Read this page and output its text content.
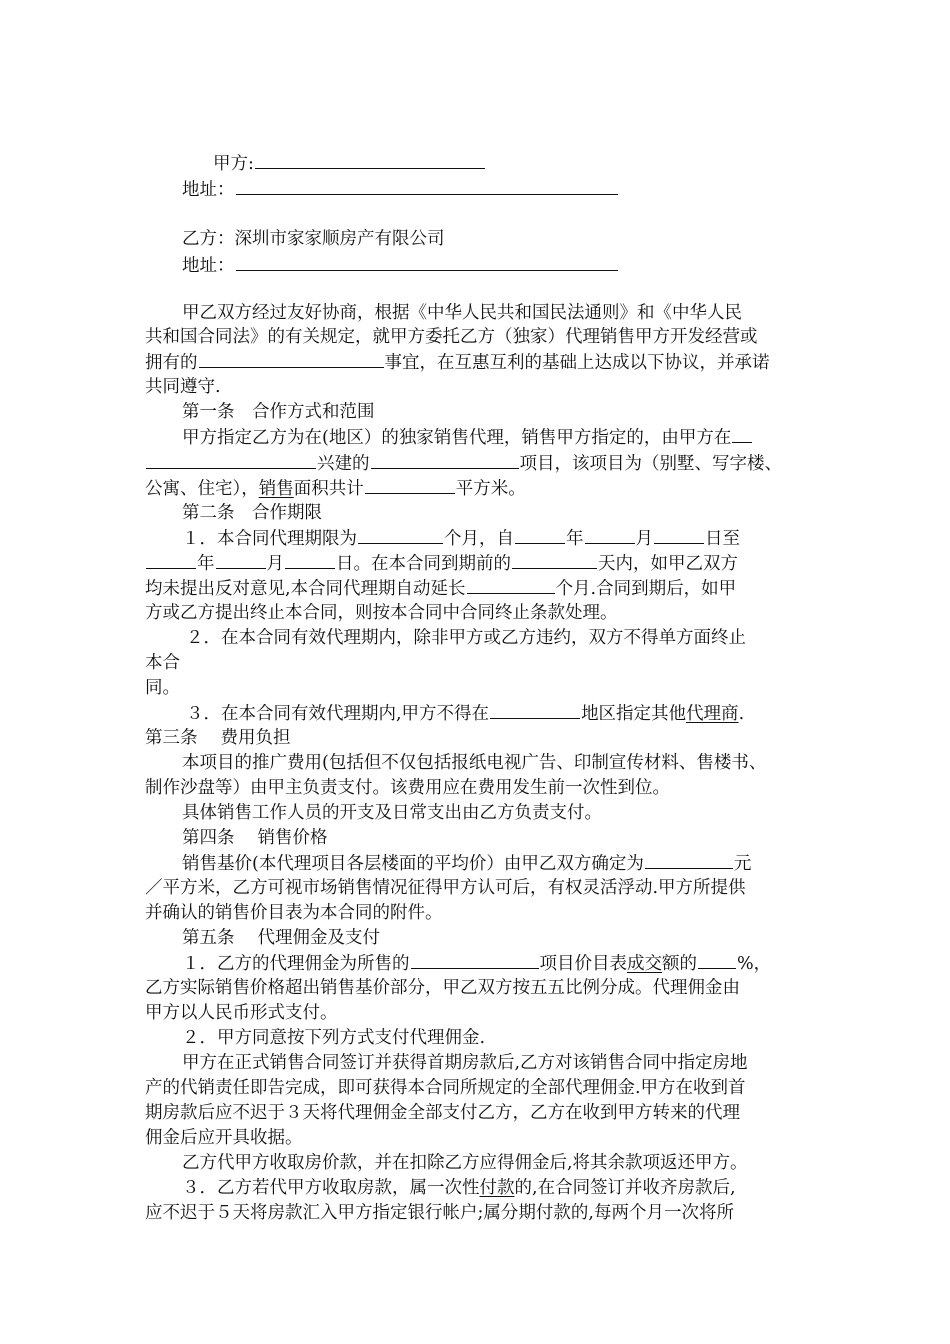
甲方:
地址：
乙方：深圳市家家顺房产有限公司
地址：
甲乙双方经过友好协商，根据《中华人民共和国民法通则》和《中华人民
共和国合同法》的有关规定，就甲方委托乙方（独家）代理销售甲方开发经营或
拥有的	事宜，在互惠互利的基础上达成以下协议，并承诺
共同遵守.
第一条　合作方式和范围
甲方指定乙方为在(地区）的独家销售代理，销售甲方指定的，由甲方在
兴建的	项目，该项目为（别墅、写字楼、
公寓、住宅），销售面积共计	平方米。
第二条　合作期限
１．本合同代理期限为	个月，自	年	月	日至
年	月	日。在本合同到期前的	天内，如甲乙双方
均未提出反对意见,本合同代理期自动延长	个月.合同到期后，如甲
方或乙方提出终止本合同，则按本合同中合同终止条款处理。
２．在本合同有效代理期内，除非甲方或乙方违约，双方不得单方面终止
本合
同。
３．在本合同有效代理期内,甲方不得在	地区指定其他代理商.
第三条　 费用负担
本项目的推广费用(包括但不仅包括报纸电视广告、印制宣传材料、售楼书、
制作沙盘等）由甲主负责支付。该费用应在费用发生前一次性到位。
具体销售工作人员的开支及日常支出由乙方负责支付。
第四条　 销售价格
销售基价(本代理项目各层楼面的平均价）由甲乙双方确定为	元
／平方米，乙方可视市场销售情况征得甲方认可后，有权灵活浮动.甲方所提供
并确认的销售价目表为本合同的附件。
第五条　 代理佣金及支付
１．乙方的代理佣金为所售的	项目价目表成交额的 %，
乙方实际销售价格超出销售基价部分，甲乙双方按五五比例分成。代理佣金由
甲方以人民币形式支付。
２．甲方同意按下列方式支付代理佣金.
甲方在正式销售合同签订并获得首期房款后,乙方对该销售合同中指定房地
产的代销责任即告完成，即可获得本合同所规定的全部代理佣金.甲方在收到首
期房款后应不迟于３天将代理佣金全部支付乙方，乙方在收到甲方转来的代理
佣金后应开具收据。
乙方代甲方收取房价款，并在扣除乙方应得佣金后,将其余款项返还甲方。
３．乙方若代甲方收取房款，属一次性付款的,在合同签订并收齐房款后,
应不迟于５天将房款汇入甲方指定银行帐户;属分期付款的,每两个月一次将所
